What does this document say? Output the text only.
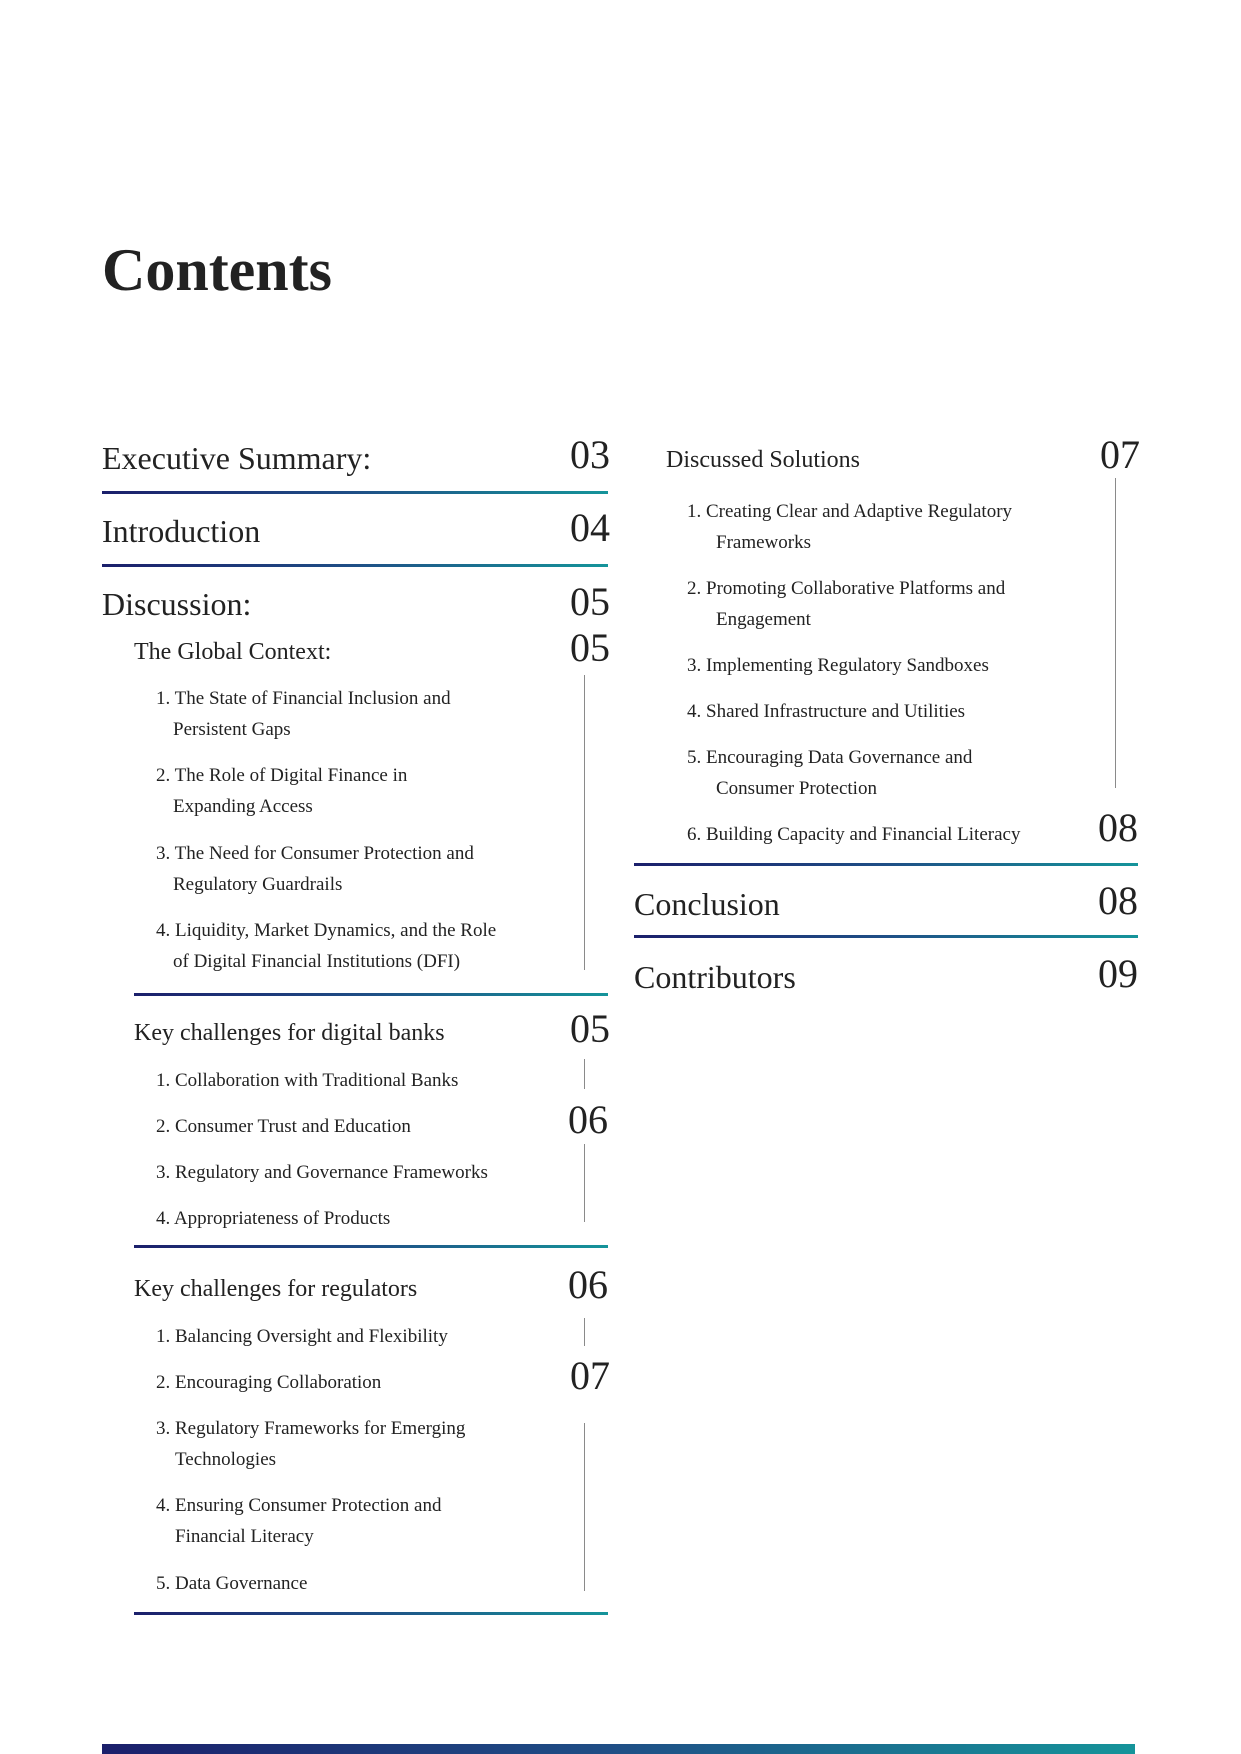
Contents
Executive Summary:	03
Introduction	04
Discussion:	05
The Global Context:	05
1. The State of Financial Inclusion and
Persistent Gaps
2. The Role of Digital Finance in
Expanding Access
3. The Need for Consumer Protection and
Regulatory Guardrails
4. Liquidity, Market Dynamics, and the Role
of Digital Financial Institutions (DFI)
Key challenges for digital banks	05
1. Collaboration with Traditional Banks
2. Consumer Trust and Education	06
3. Regulatory and Governance Frameworks
4. Appropriateness of Products
Key challenges for regulators	06
1. Balancing Oversight and Flexibility
2. Encouraging Collaboration	07
3. Regulatory Frameworks for Emerging
Technologies
4. Ensuring Consumer Protection and
Financial Literacy
5. Data Governance
Discussed Solutions	07
1. Creating Clear and Adaptive Regulatory
Frameworks
2. Promoting Collaborative Platforms and
Engagement
3. Implementing Regulatory Sandboxes
4. Shared Infrastructure and Utilities
5. Encouraging Data Governance and
Consumer Protection
6. Building Capacity and Financial Literacy	08
Conclusion	08
Contributors	09
